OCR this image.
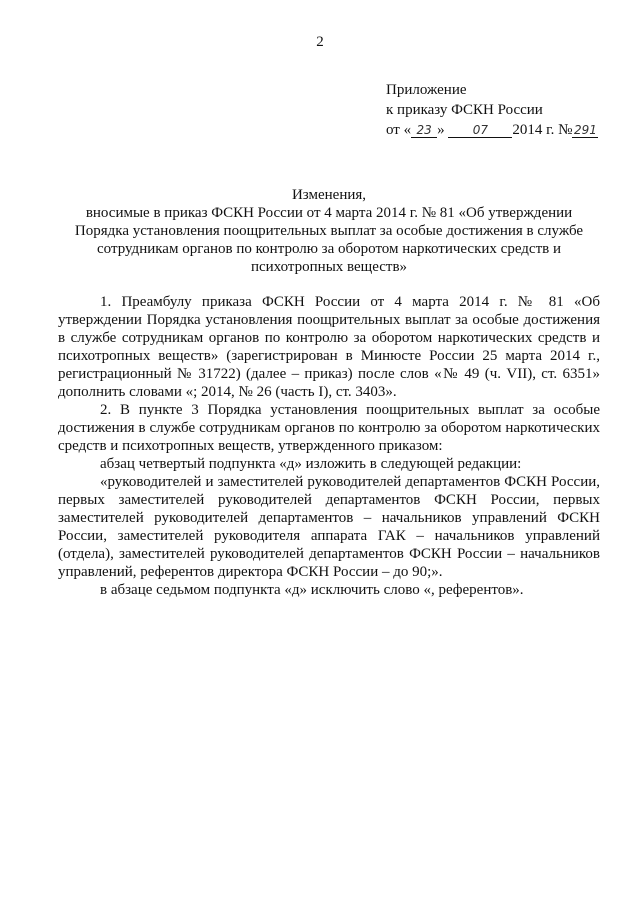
2
Приложение
к приказу ФСКН России
от « 23 » 07 2014 г. № 291
Изменения,
вносимые в приказ ФСКН России от 4 марта 2014 г. № 81 «Об утверждении
Порядка установления поощрительных выплат за особые достижения в службе
сотрудникам органов по контролю за оборотом наркотических средств и
психотропных веществ»

1. Преамбулу приказа ФСКН России от 4 марта 2014 г. № 81 «Об утверждении Порядка установления поощрительных выплат за особые достижения в службе сотрудникам органов по контролю за оборотом наркотических средств и психотропных веществ» (зарегистрирован в Минюсте России 25 марта 2014 г., регистрационный № 31722) (далее – приказ) после слов «№ 49 (ч. VII), ст. 6351» дополнить словами «; 2014, № 26 (часть I), ст. 3403».

2. В пункте 3 Порядка установления поощрительных выплат за особые достижения в службе сотрудникам органов по контролю за оборотом наркотических средств и психотропных веществ, утвержденного приказом:

абзац четвертый подпункта «д» изложить в следующей редакции:

«руководителей и заместителей руководителей департаментов ФСКН России, первых заместителей руководителей департаментов ФСКН России, первых заместителей руководителей департаментов – начальников управлений ФСКН России, заместителей руководителя аппарата ГАК – начальников управлений (отдела), заместителей руководителей департаментов ФСКН России – начальников управлений, референтов директора ФСКН России – до 90;».

в абзаце седьмом подпункта «д» исключить слово «, референтов».
